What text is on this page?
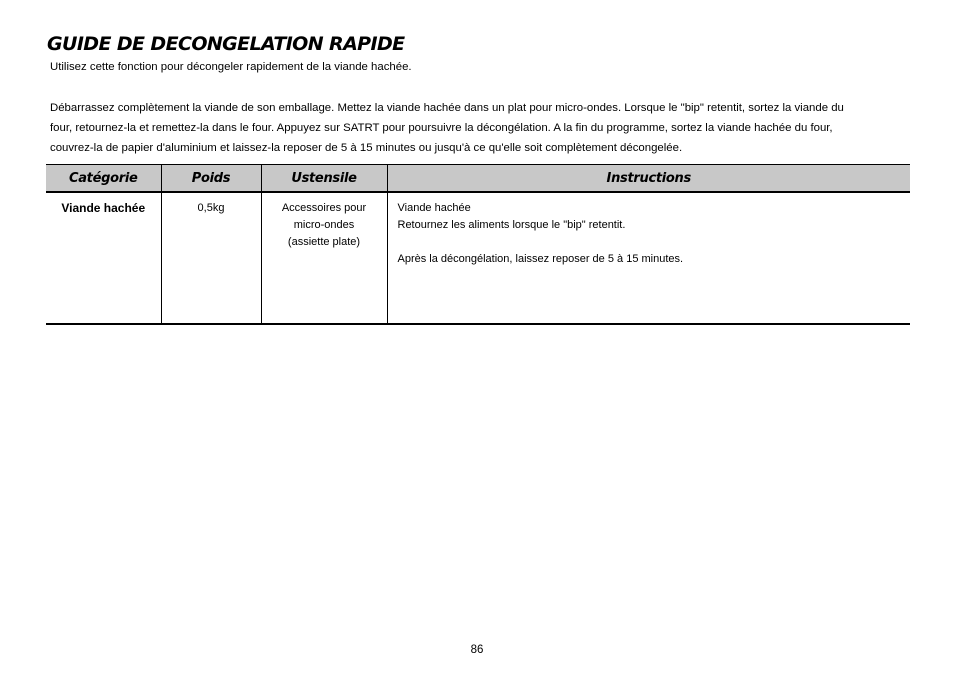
GUIDE DE DECONGELATION RAPIDE

Utilisez cette fonction pour décongeler rapidement de la viande hachée.

Débarrassez complètement la viande de son emballage. Mettez la viande hachée dans un plat pour micro-ondes. Lorsque le "bip" retentit, sortez la viande du
four, retournez-la et remettez-la dans le four. Appuyez sur SATRT pour poursuivre la décongélation. A la fin du programme, sortez la viande hachée du four,
couvrez-la de papier d'aluminium et laissez-la reposer de 5 à 15 minutes ou jusqu'à ce qu'elle soit complètement décongelée.
Catégorie	Poids	Ustensile	Instructions
Viande hachée	0,5kg	Accessoires pour
micro-ondes
(assiette plate)	Viande hachée
Retournez les aliments lorsque le "bip" retentit.
Après la décongélation, laissez reposer de 5 à 15 minutes.
86
